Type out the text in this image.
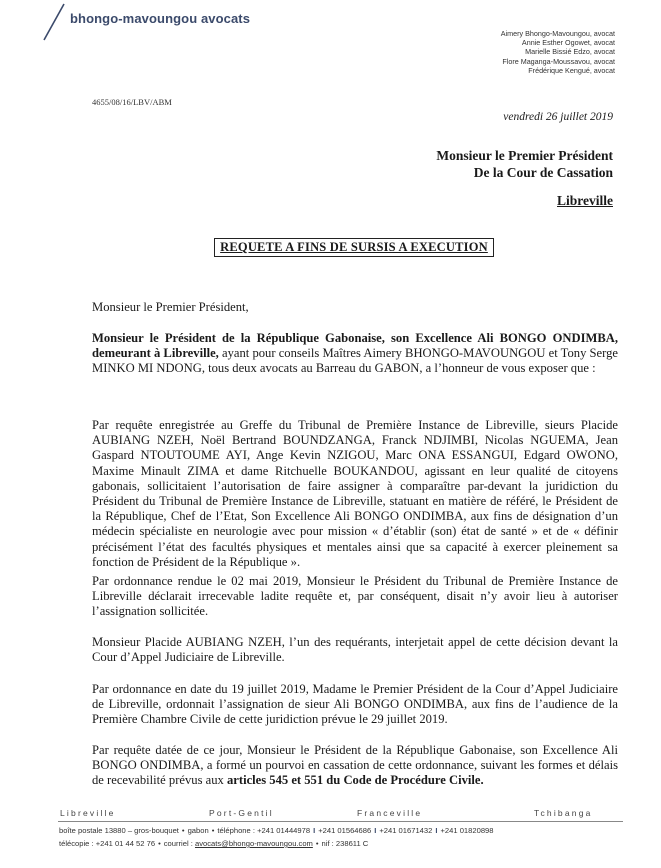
bhongo-mavoungou avocats
Aimery Bhongo-Mavoungou, avocat
Annie Esther Ogowet, avocat
Marielle Bissié Edzo, avocat
Flore Maganga-Moussavou, avocat
Frédérique Kengué, avocat
4655/08/16/LBV/ABM
vendredi 26 juillet 2019
Monsieur le Premier Président
De la Cour de Cassation
Libreville
REQUETE A FINS DE SURSIS A EXECUTION
Monsieur le Premier Président,
Monsieur le Président de la République Gabonaise, son Excellence Ali BONGO ONDIMBA, demeurant à Libreville, ayant pour conseils Maîtres Aimery BHONGO-MAVOUNGOU et Tony Serge MINKO MI NDONG, tous deux avocats au Barreau du GABON, a l’honneur de vous exposer que :
Par requête enregistrée au Greffe du Tribunal de Première Instance de Libreville, sieurs Placide AUBIANG NZEH, Noël Bertrand BOUNDZANGA, Franck NDJIMBI, Nicolas NGUEMA, Jean Gaspard NTOUTOUME AYI, Ange Kevin NZIGOU, Marc ONA ESSANGUI, Edgard OWONO, Maxime Minault ZIMA et dame Ritchuelle BOUKANDOU, agissant en leur qualité de citoyens gabonais, sollicitaient l’autorisation de faire assigner à comparaître par-devant la juridiction du Président du Tribunal de Première Instance de Libreville, statuant en matière de référé, le Président de la République, Chef de l’Etat, Son Excellence Ali BONGO ONDIMBA, aux fins de désignation d’un médecin spécialiste en neurologie avec pour mission « d’établir (son) état de santé » et de « définir précisément l’état des facultés physiques et mentales ainsi que sa capacité à exercer pleinement sa fonction de Président de la République ».
Par ordonnance rendue le 02 mai 2019, Monsieur le Président du Tribunal de Première Instance de Libreville déclarait irrecevable ladite requête et, par conséquent, disait n’y avoir lieu à autoriser l’assignation sollicitée.
Monsieur Placide AUBIANG NZEH, l’un des requérants, interjetait appel de cette décision devant la Cour d’Appel Judiciaire de Libreville.
Par ordonnance en date du 19 juillet 2019, Madame le Premier Président de la Cour d’Appel Judiciaire de Libreville, ordonnait l’assignation de sieur Ali BONGO ONDIMBA, aux fins de l’audience de la Première Chambre Civile de cette juridiction prévue le 29 juillet 2019.
Par requête datée de ce jour, Monsieur le Président de la République Gabonaise, son Excellence Ali BONGO ONDIMBA, a formé un pourvoi en cassation de cette ordonnance, suivant les formes et délais de recevabilité prévus aux articles 545 et 551 du Code de Procédure Civile.
Libreville	Port-Gentil	Franceville	Tchibanga
boîte postale 13880 – gros-bouquet • gabon • téléphone : +241 01444978 I +241 01564686 I +241 01671432 I +241 01820898
télécopie : +241 01 44 52 76 • courriel : avocats@bhongo-mavoungou.com • nif : 238611 C
